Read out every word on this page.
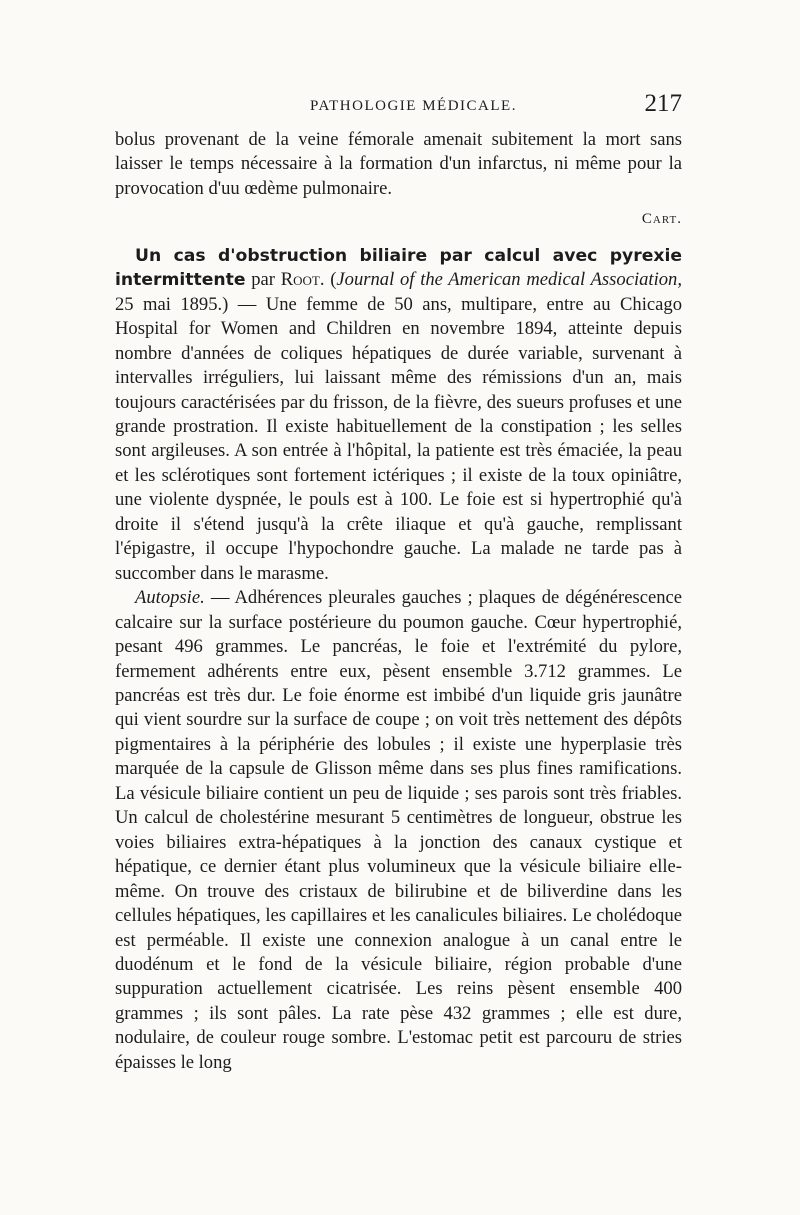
PATHOLOGIE MÉDICALE.	217

bolus provenant de la veine fémorale amenait subitement la mort sans laisser le temps nécessaire à la formation d'un infarctus, ni même pour la provocation d'uu œdème pulmonaire.

Cart.

Un cas d'obstruction biliaire par calcul avec pyrexie intermittente par Root. (Journal of the American medical Association, 25 mai 1895.) — Une femme de 50 ans, multipare, entre au Chicago Hospital for Women and Children en novembre 1894, atteinte depuis nombre d'années de coliques hépatiques de durée variable, survenant à intervalles irréguliers, lui laissant même des rémissions d'un an, mais toujours caractérisées par du frisson, de la fièvre, des sueurs profuses et une grande prostration. Il existe habituellement de la constipation ; les selles sont argileuses. A son entrée à l'hôpital, la patiente est très émaciée, la peau et les sclérotiques sont fortement ictériques ; il existe de la toux opiniâtre, une violente dyspnée, le pouls est à 100. Le foie est si hypertrophié qu'à droite il s'étend jusqu'à la crête iliaque et qu'à gauche, remplissant l'épigastre, il occupe l'hypochondre gauche. La malade ne tarde pas à succomber dans le marasme.

Autopsie. — Adhérences pleurales gauches ; plaques de dégénérescence calcaire sur la surface postérieure du poumon gauche. Cœur hypertrophié, pesant 496 grammes. Le pancréas, le foie et l'extrémité du pylore, fermement adhérents entre eux, pèsent ensemble 3.712 grammes. Le pancréas est très dur. Le foie énorme est imbibé d'un liquide gris jaunâtre qui vient sourdre sur la surface de coupe ; on voit très nettement des dépôts pigmentaires à la périphérie des lobules ; il existe une hyperplasie très marquée de la capsule de Glisson même dans ses plus fines ramifications. La vésicule biliaire contient un peu de liquide ; ses parois sont très friables. Un calcul de cholestérine mesurant 5 centimètres de longueur, obstrue les voies biliaires extra-hépatiques à la jonction des canaux cystique et hépatique, ce dernier étant plus volumineux que la vésicule biliaire elle-même. On trouve des cristaux de bilirubine et de biliverdine dans les cellules hépatiques, les capillaires et les canalicules biliaires. Le cholédoque est perméable. Il existe une connexion analogue à un canal entre le duodénum et le fond de la vésicule biliaire, région probable d'une suppuration actuellement cicatrisée. Les reins pèsent ensemble 400 grammes ; ils sont pâles. La rate pèse 432 grammes ; elle est dure, nodulaire, de couleur rouge sombre. L'estomac petit est parcouru de stries épaisses le long
